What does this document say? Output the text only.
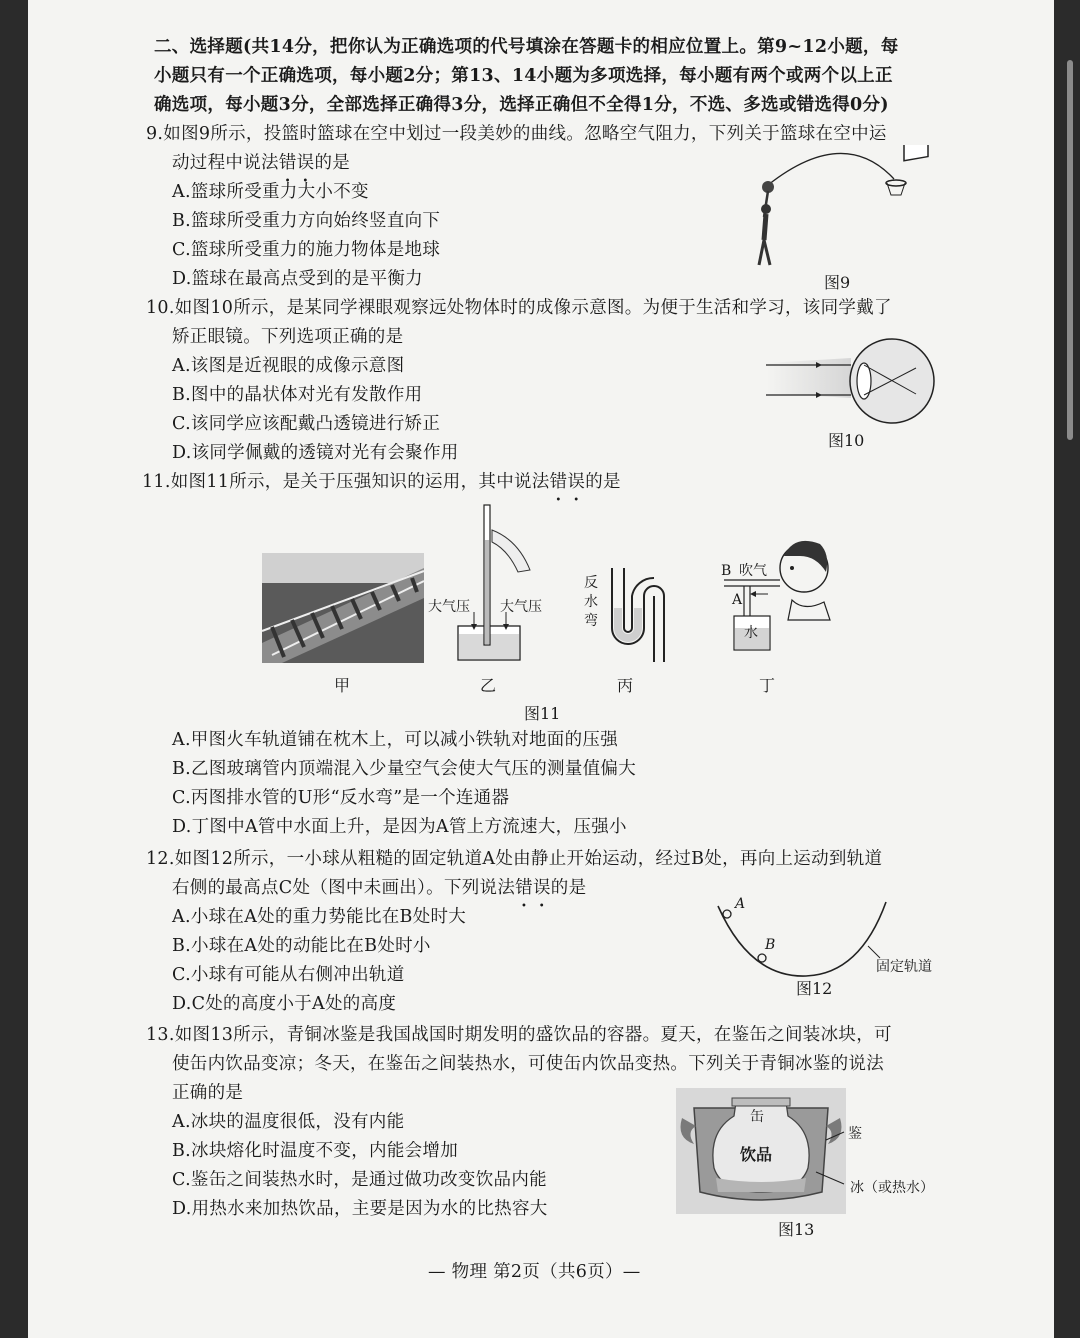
二、选择题(共14分，把你认为正确选项的代号填涂在答题卡的相应位置上。第9~12小题，每
小题只有一个正确选项，每小题2分；第13、14小题为多项选择，每小题有两个或两个以上正
确选项，每小题3分，全部选择正确得3分，选择正确但不全得1分，不选、多选或错选得0分)
9.如图9所示，投篮时篮球在空中划过一段美妙的曲线。忽略空气阻力，下列关于篮球在空中运
动过程中说法错误的是
A.篮球所受重力大小不变
B.篮球所受重力方向始终竖直向下
C.篮球所受重力的施力物体是地球
D.篮球在最高点受到的是平衡力	图9
10.如图10所示，是某同学裸眼观察远处物体时的成像示意图。为便于生活和学习，该同学戴了
矫正眼镜。下列选项正确的是
A.该图是近视眼的成像示意图
B.图中的晶状体对光有发散作用
C.该同学应该配戴凸透镜进行矫正
D.该同学佩戴的透镜对光有会聚作用
图10
11.如图11所示，是关于压强知识的运用，其中说法错误的是
甲
大气压 大气压
乙
反水弯
丙
B 吹气
A
水
丁
图11
A.甲图火车轨道铺在枕木上，可以减小铁轨对地面的压强
B.乙图玻璃管内顶端混入少量空气会使大气压的测量值偏大
C.丙图排水管的U形“反水弯”是一个连通器
D.丁图中A管中水面上升，是因为A管上方流速大，压强小
12.如图12所示，一小球从粗糙的固定轨道A处由静止开始运动，经过B处，再向上运动到轨道
右侧的最高点C处（图中未画出）。下列说法错误的是
A.小球在A处的重力势能比在B处时大
B.小球在A处的动能比在B处时小
C.小球有可能从右侧冲出轨道
D.C处的高度小于A处的高度
A
B
固定轨道
图12
13.如图13所示，青铜冰鉴是我国战国时期发明的盛饮品的容器。夏天，在鉴缶之间装冰块，可
使缶内饮品变凉；冬天，在鉴缶之间装热水，可使缶内饮品变热。下列关于青铜冰鉴的说法
正确的是
A.冰块的温度很低，没有内能
B.冰块熔化时温度不变，内能会增加
C.鉴缶之间装热水时，是通过做功改变饮品内能
D.用热水来加热饮品，主要是因为水的比热容大
缶
饮品
鉴
冰（或热水）
图13
— 物理 第2页（共6页）—
